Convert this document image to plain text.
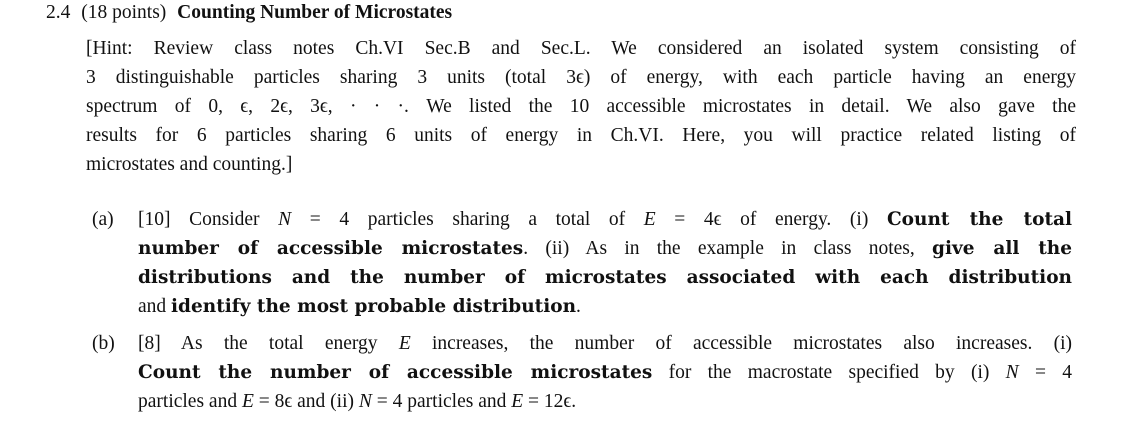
2.4 (18 points) Counting Number of Microstates
[Hint: Review class notes Ch.VI Sec.B and Sec.L. We considered an isolated system consisting of
3 distinguishable particles sharing 3 units (total 3ϵ) of energy, with each particle having an energy
spectrum of 0, ϵ, 2ϵ, 3ϵ, · · ·. We listed the 10 accessible microstates in detail. We also gave the
results for 6 particles sharing 6 units of energy in Ch.VI. Here, you will practice related listing of
microstates and counting.]
(a) [10] Consider N = 4 particles sharing a total of E = 4ϵ of energy. (i) Count the total
number of accessible microstates. (ii) As in the example in class notes, give all the
distributions and the number of microstates associated with each distribution
and identify the most probable distribution.
(b) [8] As the total energy E increases, the number of accessible microstates also increases. (i)
Count the number of accessible microstates for the macrostate specified by (i) N = 4
particles and E = 8ϵ and (ii) N = 4 particles and E = 12ϵ.
